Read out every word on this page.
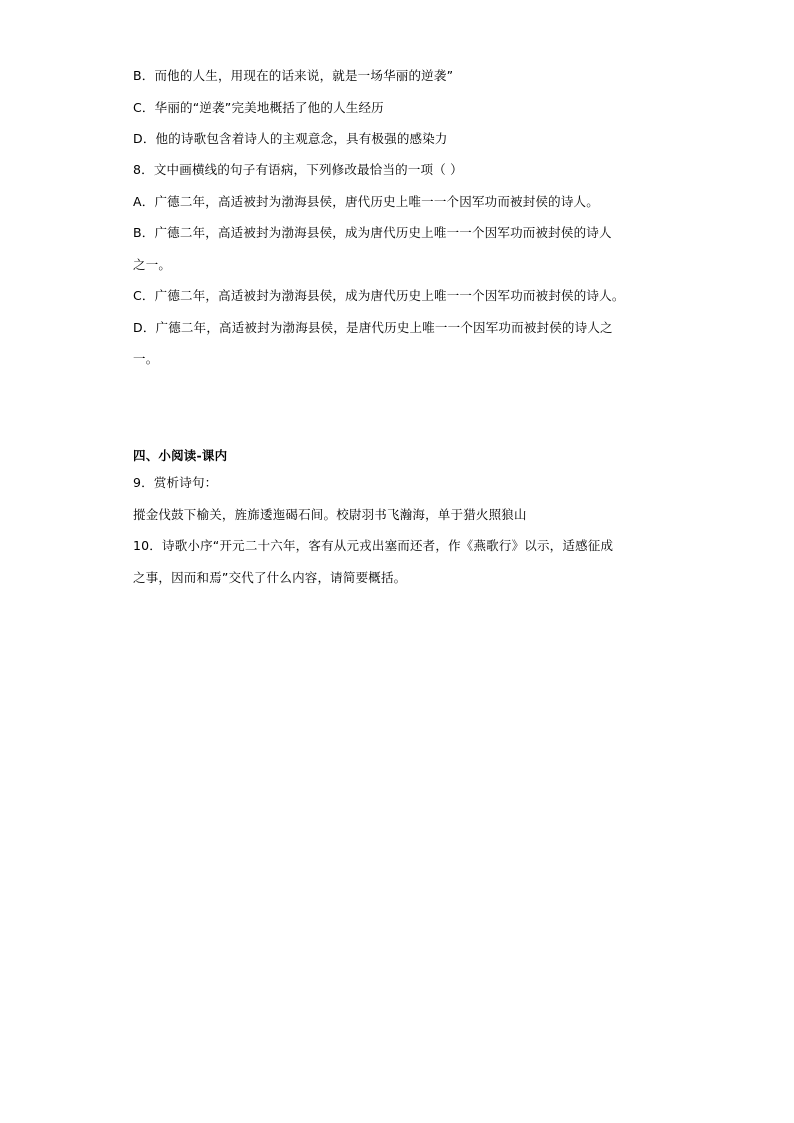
B．而他的人生，用现在的话来说，就是一场华丽的逆袭”
C．华丽的“逆袭”完美地概括了他的人生经历
D．他的诗歌包含着诗人的主观意念，具有极强的感染力
8．文中画横线的句子有语病，下列修改最恰当的一项（ ）
A．广德二年，高适被封为渤海县侯，唐代历史上唯一一个因军功而被封侯的诗人。
B．广德二年，高适被封为渤海县侯，成为唐代历史上唯一一个因军功而被封侯的诗人
之一。
C．广德二年，高适被封为渤海县侯，成为唐代历史上唯一一个因军功而被封侯的诗人。
D．广德二年，高适被封为渤海县侯，是唐代历史上唯一一个因军功而被封侯的诗人之
一。
四、小阅读-课内
9．赏析诗句：
摐金伐鼓下榆关，旌旆逶迤碣石间。校尉羽书飞瀚海，单于猎火照狼山
10．诗歌小序“开元二十六年，客有从元戎出塞而还者，作《燕歌行》以示，适感征成
之事，因而和焉”交代了什么内容，请简要概括。
